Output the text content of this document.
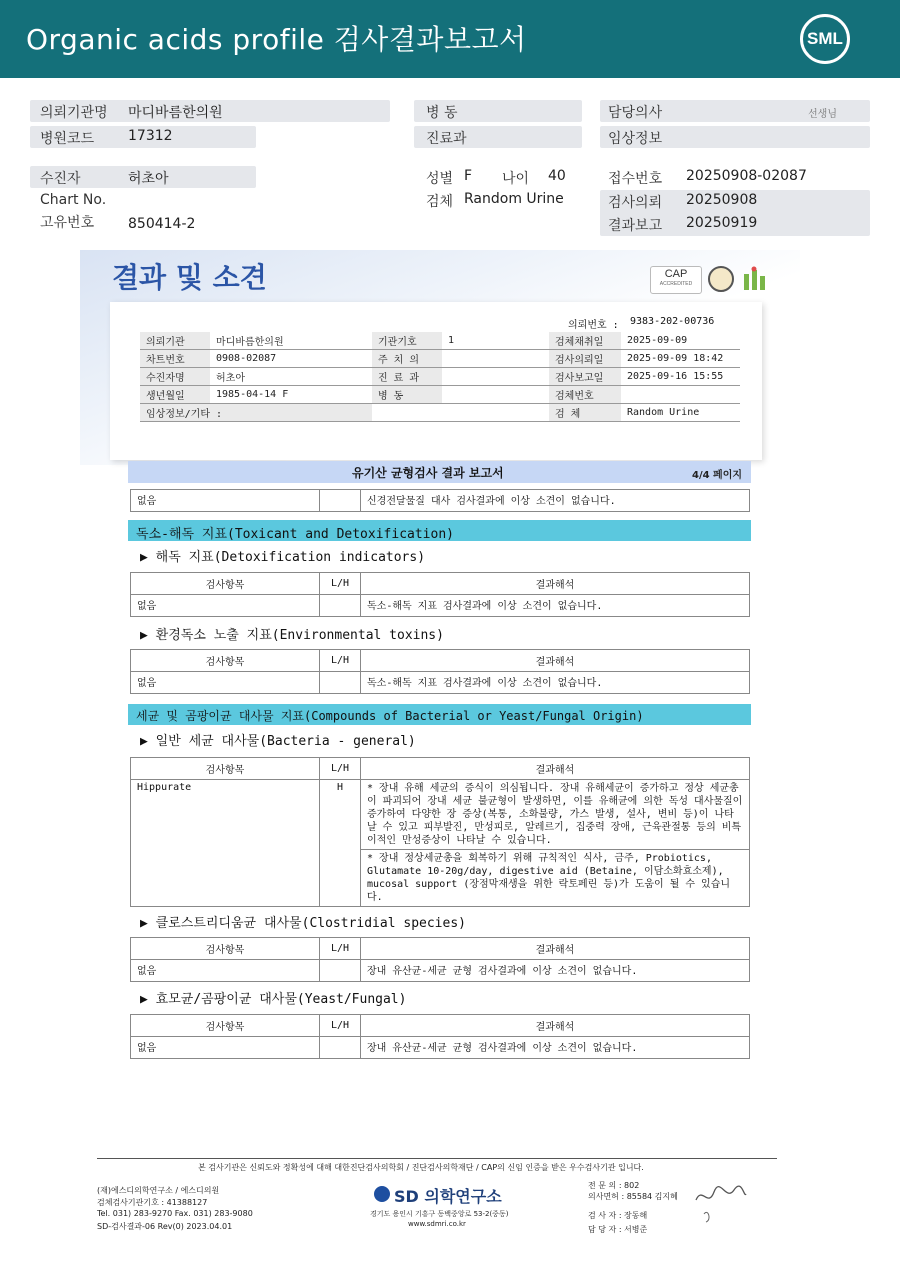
Organic acids profile 검사결과보고서	SML
의뢰기관명 마디바름한의원
병원코드 17312
병 동
진료과
담당의사	선생님
임상정보
수진자	허초아
Chart No.
고유번호 850414-2
성별 F 나이 40
검체 Random Urine
접수번호 20250908-02087
검사의뢰 20250908
결과보고 20250919
결과 및 소견	CAP
ACCREDITED
의뢰번호 : 9383-202-00736
의뢰기관	마디바름한의원	기관기호	1	검체채취일	2025-09-09
차트번호	0908-02087	주 치 의		검사의뢰일	2025-09-09 18:42
수진자명	허초아	진 료 과		검사보고일	2025-09-16 15:55
생년월일	1985-04-14 F	병 동		검체번호	
임상정보/기타 :				검 체	Random Urine
유기산 균형검사 결과 보고서	4/4 페이지
없음		신경전달물질 대사 검사결과에 이상 소견이 없습니다.
독소-해독 지표(Toxicant and Detoxification)
▶ 해독 지표(Detoxification indicators)
검사항목	L/H	결과해석
없음		독소-해독 지표 검사결과에 이상 소견이 없습니다.
▶ 환경독소 노출 지표(Environmental toxins)
검사항목	L/H	결과해석
없음		독소-해독 지표 검사결과에 이상 소견이 없습니다.
세균 및 곰팡이균 대사물 지표(Compounds of Bacterial or Yeast/Fungal Origin)
▶ 일반 세균 대사물(Bacteria - general)
검사항목	L/H	결과해석
Hippurate	H	* 장내 유해 세균의 증식이 의심됩니다. 장내 유해세균이 증가하고 정상 세균총이 파괴되어 장내 세균 불균형이 발생하면, 이를 유해균에 의한 독성 대사물질이 증가하여 다양한 장 증상(복통, 소화불량, 가스 발생, 설사, 변비 등)이 나타날 수 있고 피부발진, 만성피로, 알레르기, 집중력 장애, 근육관절통 등의 비특이적인 만성증상이 나타날 수 있습니다.
		* 장내 정상세균총을 회복하기 위해 규칙적인 식사, 금주, Probiotics, Glutamate 10-20g/day, digestive aid (Betaine, 이담소화효소제), mucosal support (장점막재생을 위한 락토페린 등)가 도움이 될 수 있습니다.
▶ 클로스트리디움균 대사물(Clostridial species)
검사항목	L/H	결과해석
없음		장내 유산균-세균 균형 검사결과에 이상 소견이 없습니다.
▶ 효모균/곰팡이균 대사물(Yeast/Fungal)
검사항목	L/H	결과해석
없음		장내 유산균-세균 균형 검사결과에 이상 소견이 없습니다.
본 검사기관은 신뢰도와 정확성에 대해 대한진단검사의학회 / 진단검사의학재단 / CAP의 신임 인증을 받은 우수검사기관 입니다.
(재)에스디의학연구소 / 에스디의원
검체검사기관기호 : 41388127
Tel. 031) 283-9270 Fax. 031) 283-9080
SD-검사결과-06 Rev(0) 2023.04.01
SD 의학연구소
경기도 용인시 기흥구 동백중앙로 53-2(중동)
www.sdmri.co.kr
전 문 의 : 802
의사면허 : 85584 김지혜
검 사 자 : 장동해
담 당 자 : 서병준
